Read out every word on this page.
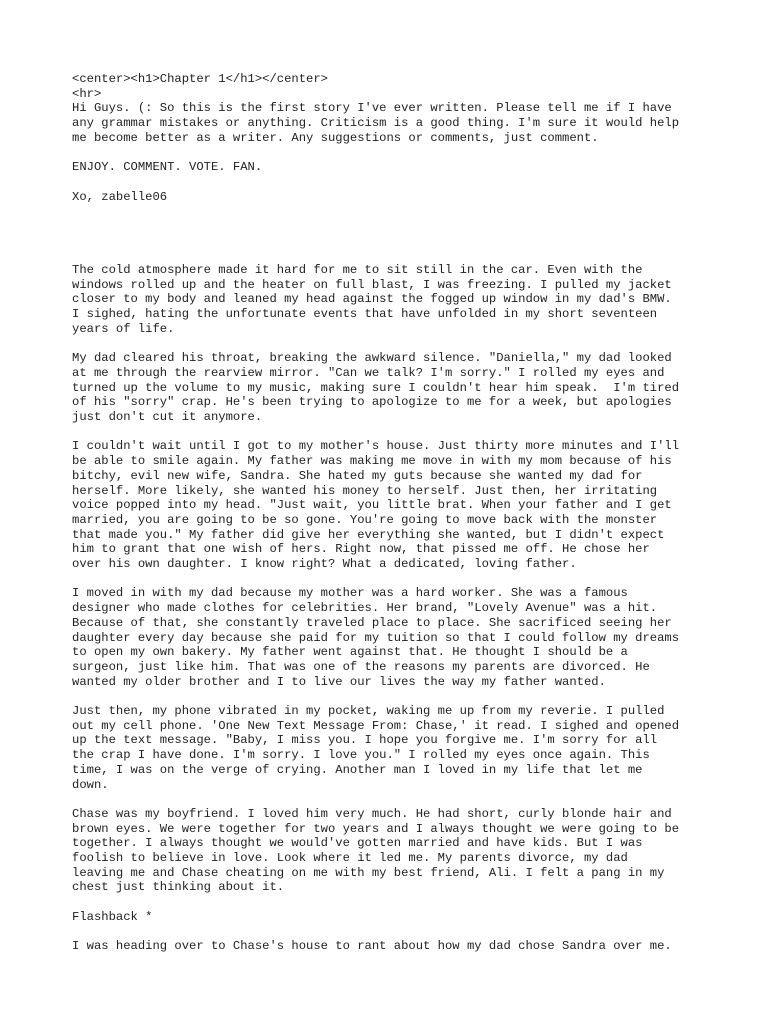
<center><h1>Chapter 1</h1></center>
<hr>

Hi Guys. (: So this is the first story I've ever written. Please tell me if I have
any grammar mistakes or anything. Criticism is a good thing. I'm sure it would help
me become better as a writer. Any suggestions or comments, just comment.

ENJOY. COMMENT. VOTE. FAN.

Xo, zabelle06

The cold atmosphere made it hard for me to sit still in the car. Even with the
windows rolled up and the heater on full blast, I was freezing. I pulled my jacket
closer to my body and leaned my head against the fogged up window in my dad's BMW.
I sighed, hating the unfortunate events that have unfolded in my short seventeen
years of life.

My dad cleared his throat, breaking the awkward silence. "Daniella," my dad looked
at me through the rearview mirror. "Can we talk? I'm sorry." I rolled my eyes and
turned up the volume to my music, making sure I couldn't hear him speak.  I'm tired
of his "sorry" crap. He's been trying to apologize to me for a week, but apologies
just don't cut it anymore.

I couldn't wait until I got to my mother's house. Just thirty more minutes and I'll
be able to smile again. My father was making me move in with my mom because of his
bitchy, evil new wife, Sandra. She hated my guts because she wanted my dad for
herself. More likely, she wanted his money to herself. Just then, her irritating
voice popped into my head. "Just wait, you little brat. When your father and I get
married, you are going to be so gone. You're going to move back with the monster
that made you." My father did give her everything she wanted, but I didn't expect
him to grant that one wish of hers. Right now, that pissed me off. He chose her
over his own daughter. I know right? What a dedicated, loving father.

I moved in with my dad because my mother was a hard worker. She was a famous
designer who made clothes for celebrities. Her brand, "Lovely Avenue" was a hit.
Because of that, she constantly traveled place to place. She sacrificed seeing her
daughter every day because she paid for my tuition so that I could follow my dreams
to open my own bakery. My father went against that. He thought I should be a
surgeon, just like him. That was one of the reasons my parents are divorced. He
wanted my older brother and I to live our lives the way my father wanted.

Just then, my phone vibrated in my pocket, waking me up from my reverie. I pulled
out my cell phone. 'One New Text Message From: Chase,' it read. I sighed and opened
up the text message. "Baby, I miss you. I hope you forgive me. I'm sorry for all
the crap I have done. I'm sorry. I love you." I rolled my eyes once again. This
time, I was on the verge of crying. Another man I loved in my life that let me
down.

Chase was my boyfriend. I loved him very much. He had short, curly blonde hair and
brown eyes. We were together for two years and I always thought we were going to be
together. I always thought we would've gotten married and have kids. But I was
foolish to believe in love. Look where it led me. My parents divorce, my dad
leaving me and Chase cheating on me with my best friend, Ali. I felt a pang in my
chest just thinking about it.

Flashback *

I was heading over to Chase's house to rant about how my dad chose Sandra over me.
